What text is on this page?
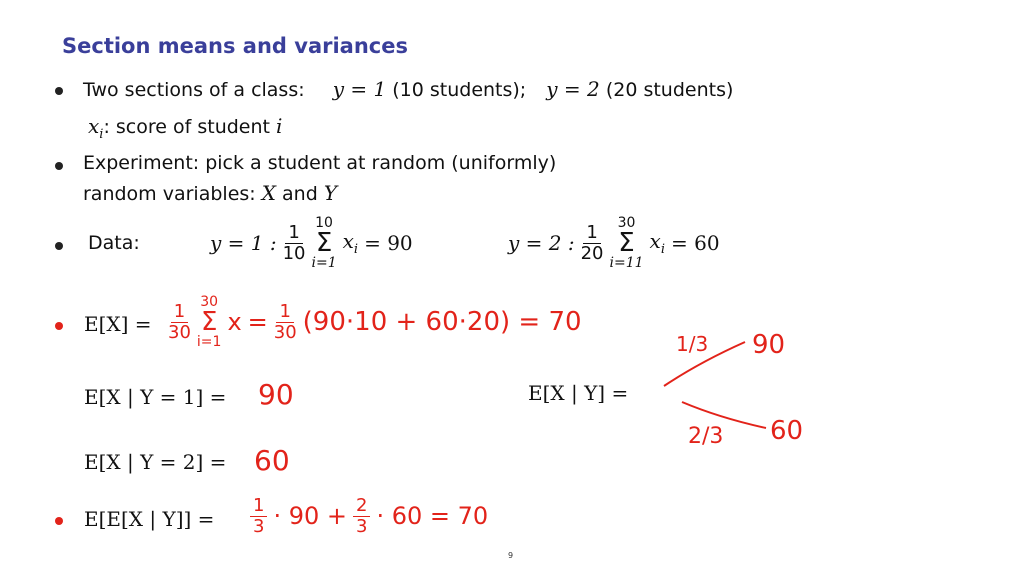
Section means and variances
Two sections of a class: y = 1 (10 students); y = 2 (20 students)
$x_i$: score of student i
Experiment: pick a student at random (uniformly)
random variables: X and Y
Data:	y = 1 : $\frac{1}{10} 10$
Σ
i=1
$x_i = 90$	y = 2 : $\frac{1}{20} 30$
Σ
i=11
$x_i = 60$
$E[X] = \frac{1}{30} 30$
Σ
i=1
$x = \frac{1}{30} (90\cdot 10 + 60\cdot 20) = 70$
E[X | Y = 1] = 90
E[X | Y = 2] = 60
E[X | Y] =
1/3 90
2/3 60
E[E[X | $Y]] = \frac{1}{3} \cdot 90 + \frac{2}{3} \cdot 60 = 70$
9
